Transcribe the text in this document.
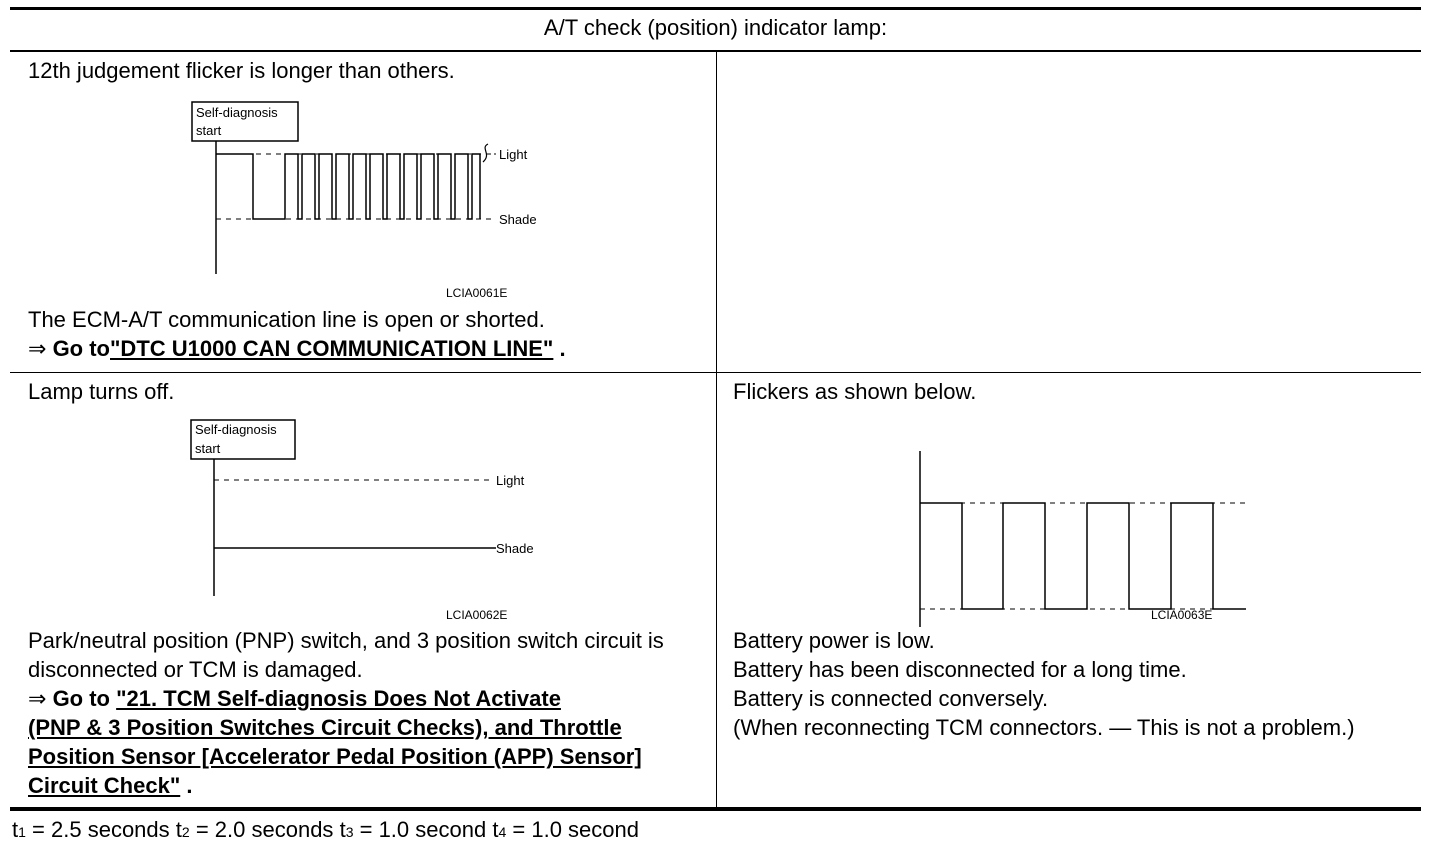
A/T check (position) indicator lamp:
12th judgement flicker is longer than others.
Self-diagnosis
start
Light
Shade
LCIA0061E
The ECM-A/T communication line is open or shorted.
⇒ Go to"DTC U1000 CAN COMMUNICATION LINE" .
Lamp turns off.
Self-diagnosis
start
Light
Shade
LCIA0062E
Park/neutral position (PNP) switch, and 3 position switch circuit is
disconnected or TCM is damaged.
⇒ Go to "21. TCM Self-diagnosis Does Not Activate
(PNP & 3 Position Switches Circuit Checks), and Throttle
Position Sensor [Accelerator Pedal Position (APP) Sensor]
Circuit Check" .
Flickers as shown below.
LCIA0063E
Battery power is low.
Battery has been disconnected for a long time.
Battery is connected conversely.
(When reconnecting TCM connectors. — This is not a problem.)
t1 = 2.5 seconds t2 = 2.0 seconds t3 = 1.0 second t4 = 1.0 second
